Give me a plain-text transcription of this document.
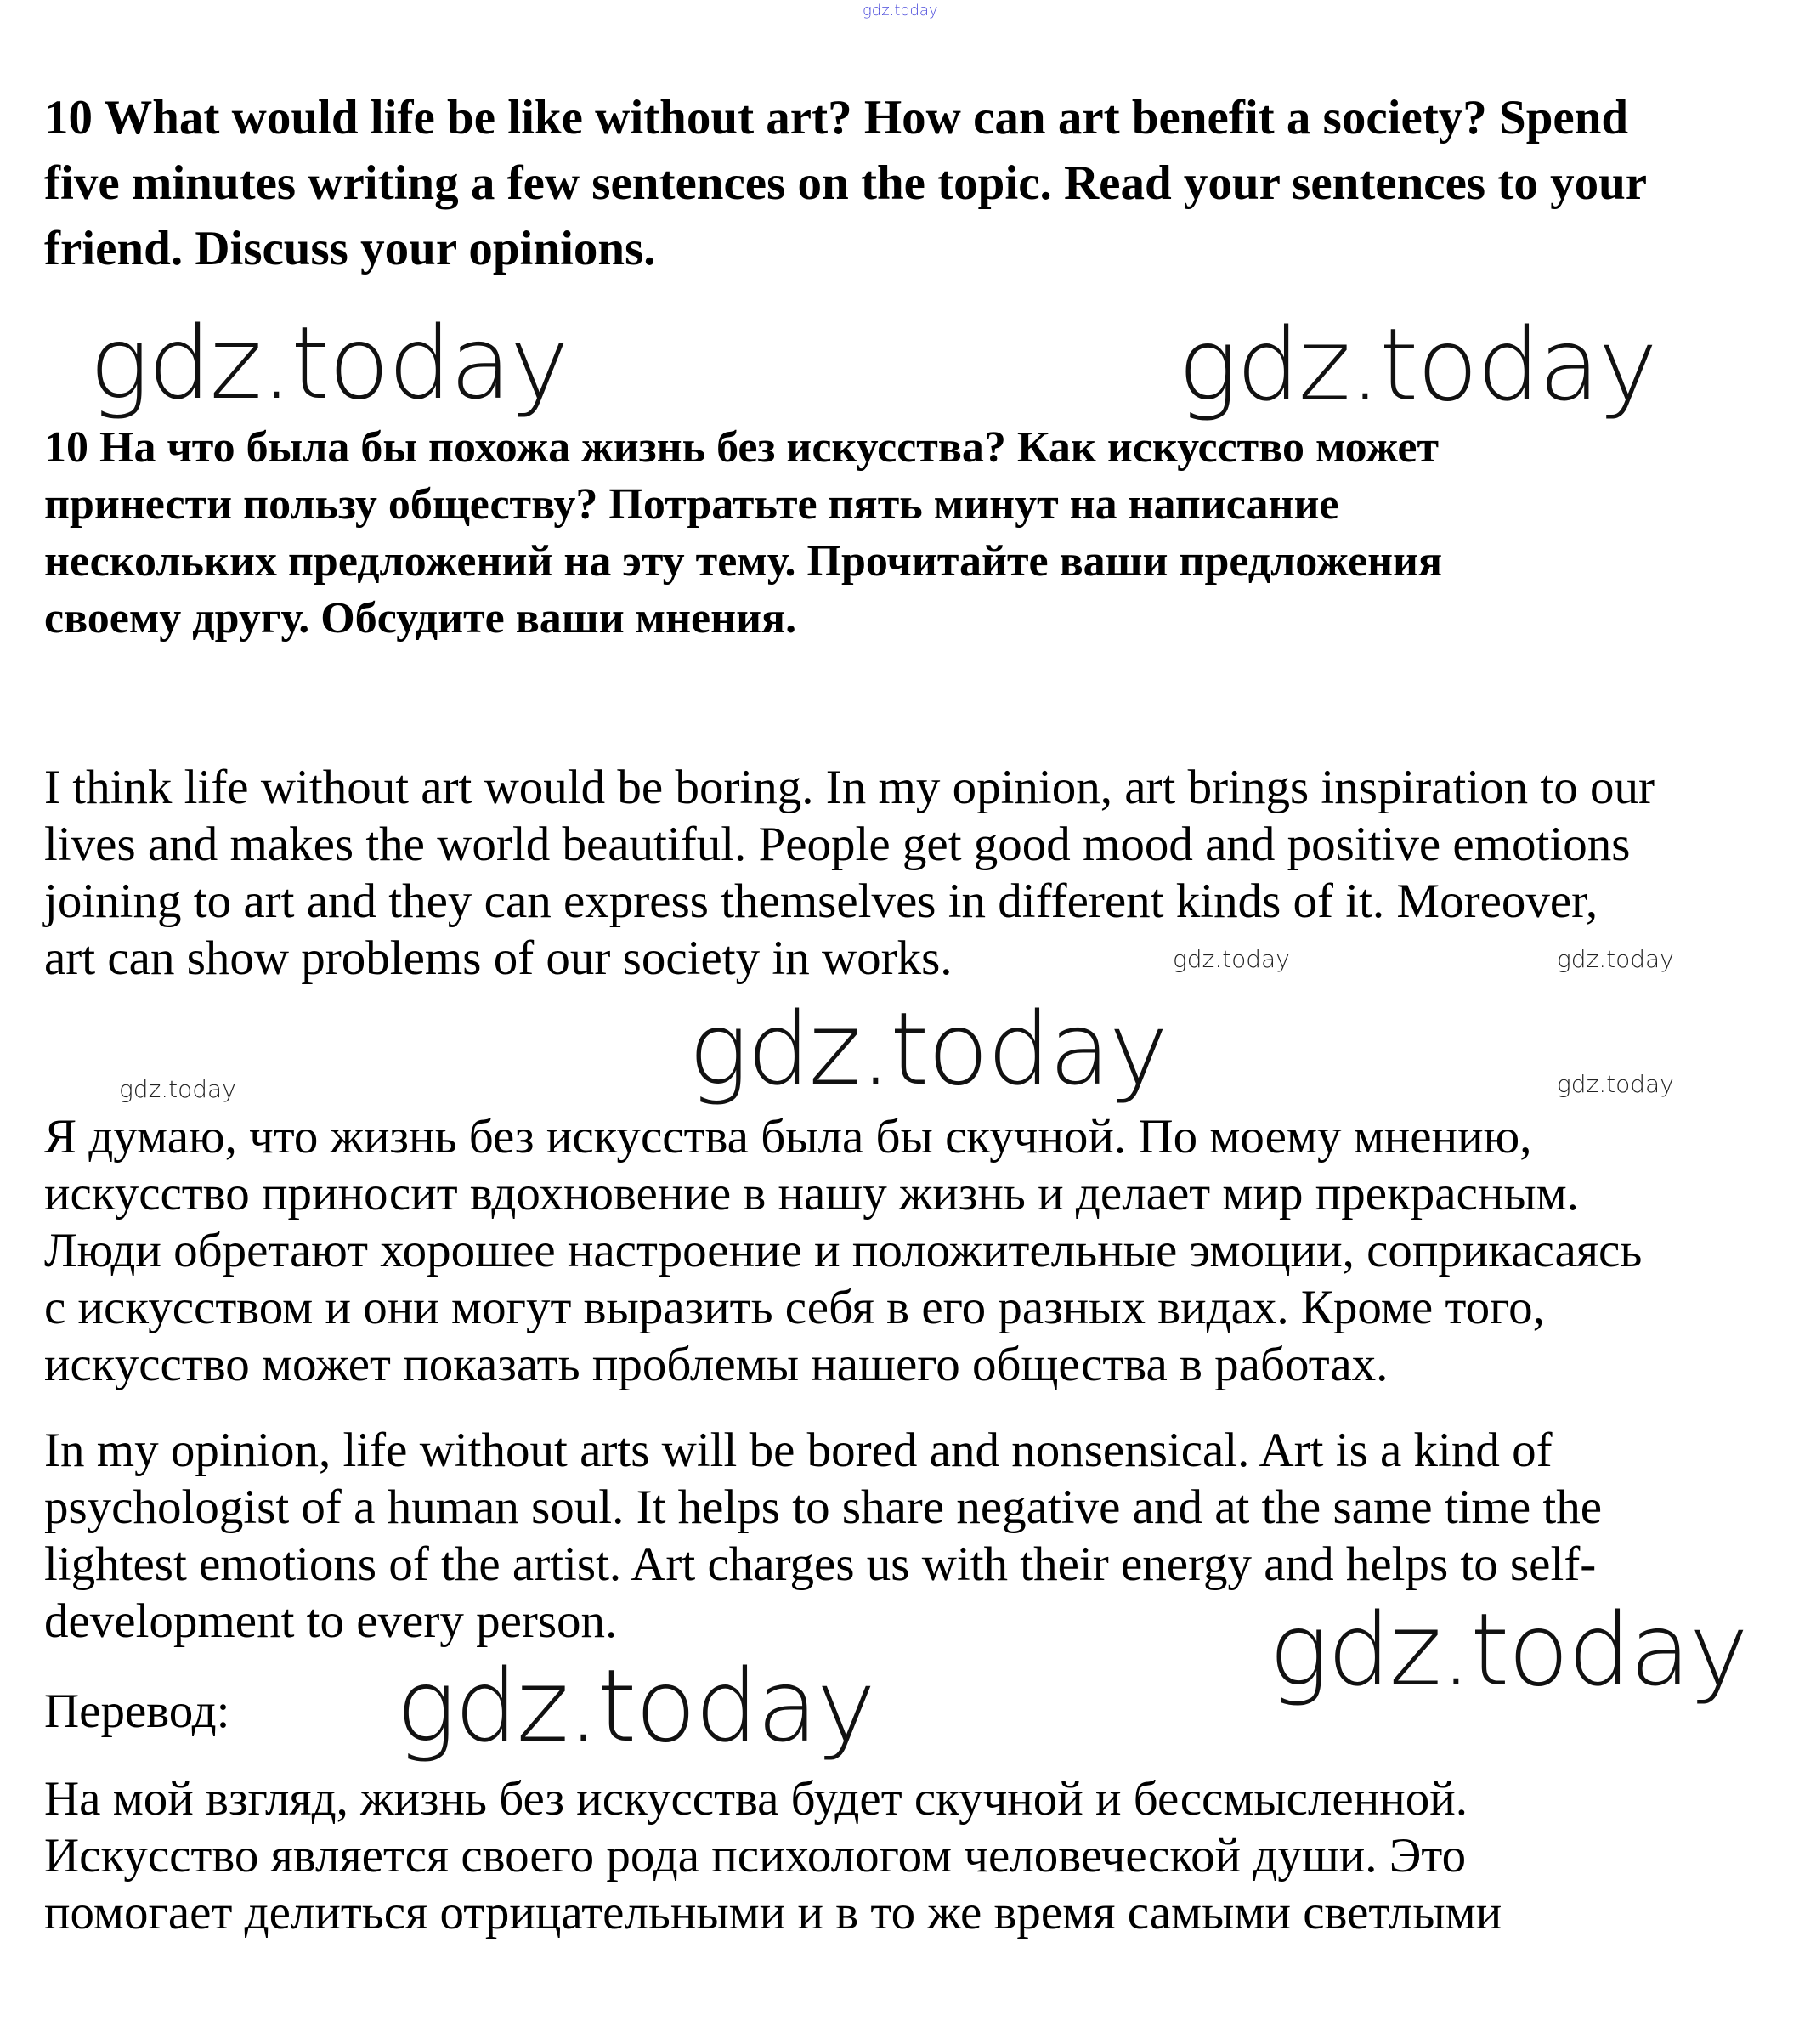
gdz.today
10 What would life be like without art? How can art benefit a society? Spend
five minutes writing a few sentences on the topic. Read your sentences to your
friend. Discuss your opinions.
gdz.today	gdz.today
10 На что была бы похожа жизнь без искусства? Как искусство может
принести пользу обществу? Потратьте пять минут на написание
нескольких предложений на эту тему. Прочитайте ваши предложения
своему другу. Обсудите ваши мнения.
I think life without art would be boring. In my opinion, art brings inspiration to our
lives and makes the world beautiful. People get good mood and positive emotions
joining to art and they can express themselves in different kinds of it. Moreover,
art can show problems of our society in works.	gdz.today	gdz.today
gdz.today
gdz.today	gdz.today
Я думаю, что жизнь без искусства была бы скучной. По моему мнению,
искусство приносит вдохновение в нашу жизнь и делает мир прекрасным.
Люди обретают хорошее настроение и положительные эмоции, соприкасаясь
с искусством и они могут выразить себя в его разных видах. Кроме того,
искусство может показать проблемы нашего общества в работах.
In my opinion, life without arts will be bored and nonsensical. Art is a kind of
psychologist of a human soul. It helps to share negative and at the same time the
lightest emotions of the artist. Art charges us with their energy and helps to self-
development to every person.	gdz.today
Перевод: gdz.today
На мой взгляд, жизнь без искусства будет скучной и бессмысленной.
Искусство является своего рода психологом человеческой души. Это
помогает делиться отрицательными и в то же время самыми светлыми
